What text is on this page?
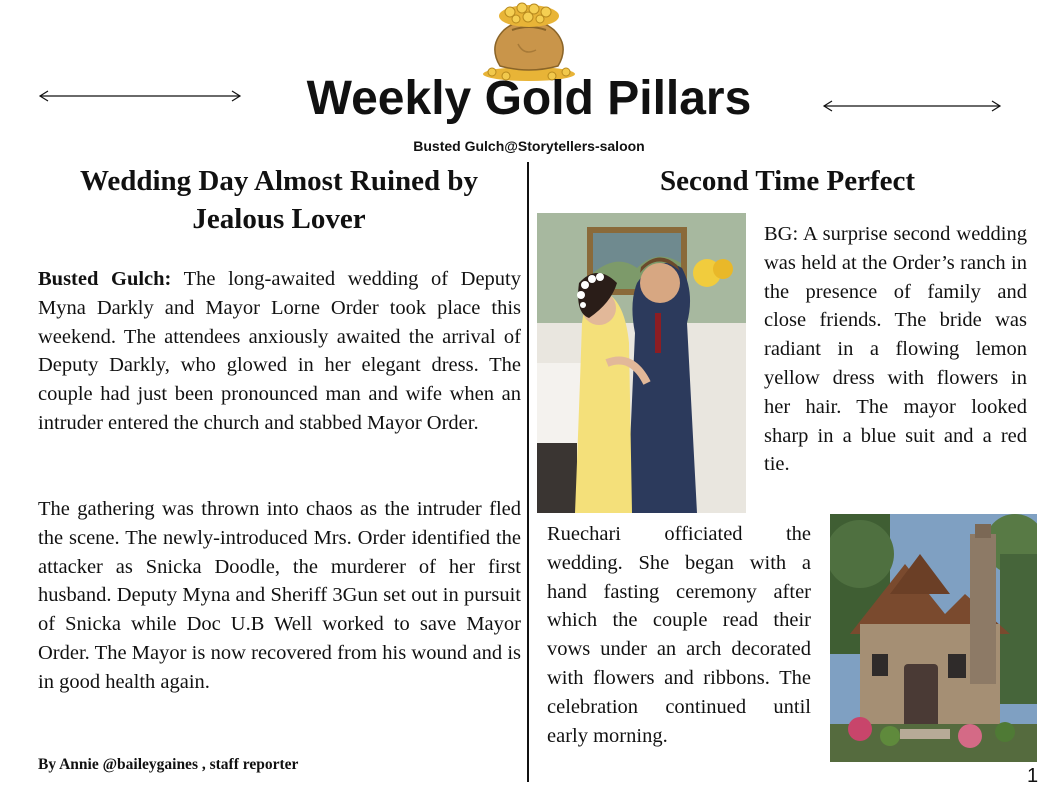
Weekly Gold Pillars
Busted Gulch@Storytellers-saloon
Wedding Day Almost Ruined by Jealous Lover
Busted Gulch: The long-awaited wedding of Deputy Myna Darkly and Mayor Lorne Order took place this weekend. The attendees anxiously awaited the arrival of Deputy Darkly, who glowed in her elegant dress. The couple had just been pronounced man and wife when an intruder entered the church and stabbed Mayor Order.
The gathering was thrown into chaos as the intruder fled the scene. The newly-introduced Mrs. Order identified the attacker as Snicka Doodle, the murderer of her first husband. Deputy Myna and Sheriff 3Gun set out in pursuit of Snicka while Doc U.B Well worked to save Mayor Order. The Mayor is now recovered from his wound and is in good health again.
By Annie @baileygaines , staff reporter
Second Time Perfect
BG: A surprise second wedding was held at the Order’s ranch in the presence of family and close friends. The bride was radiant in a flowing lemon yellow dress with flowers in her hair. The mayor looked sharp in a blue suit and a red tie.
Ruechari officiated the wedding. She began with a hand fasting ceremony after which the couple read their vows under an arch decorated with flowers and ribbons. The celebration continued until early morning.
1
